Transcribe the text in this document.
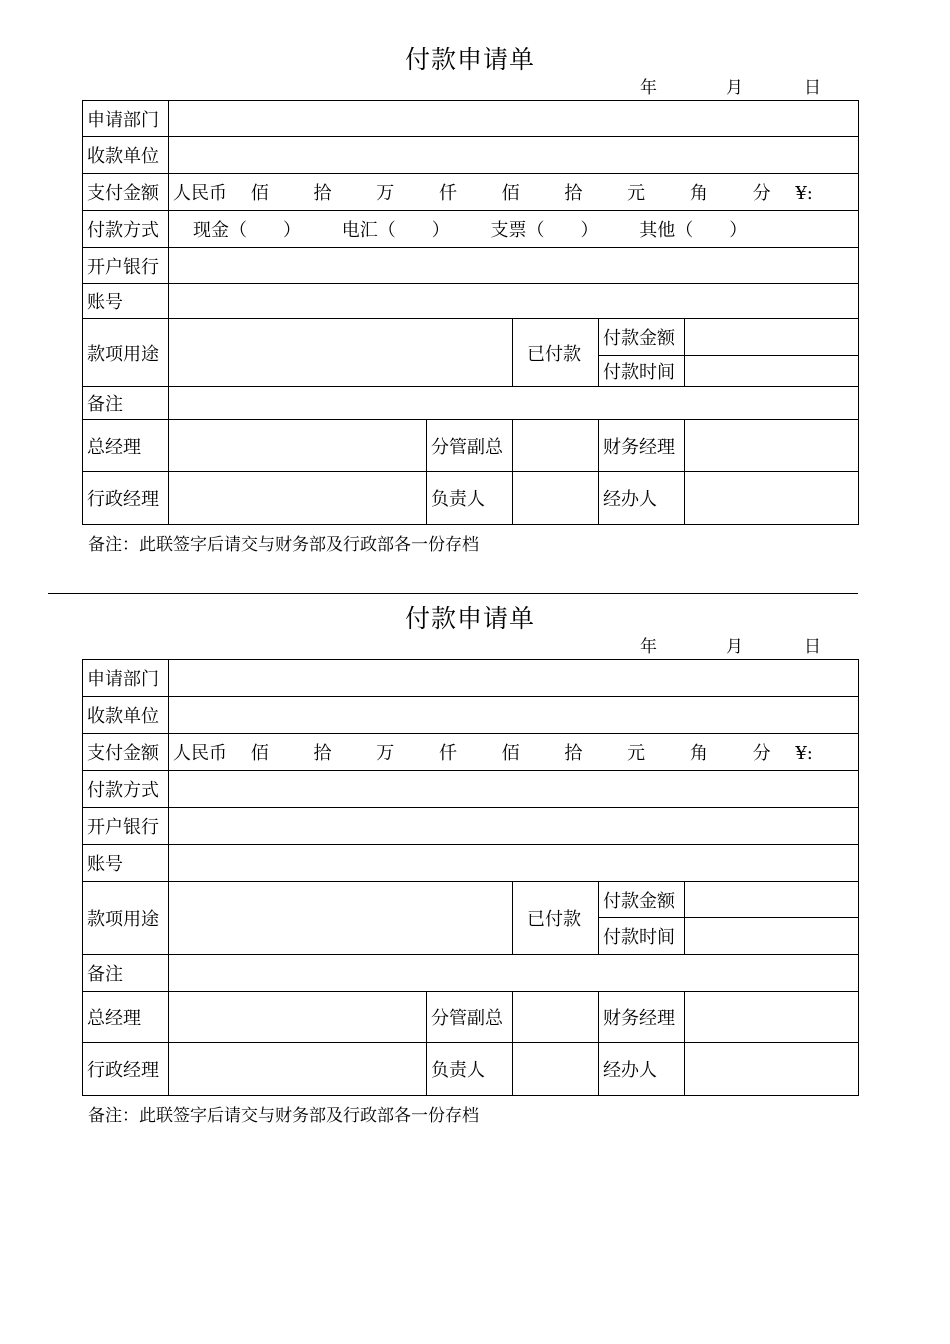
付款申请单
年	月	日
申请部门					
收款单位					
支付金额	人民币 佰 拾 万 仟 佰 拾 元 角 分 ¥:				
付款方式	现金（　　） 电汇（　　） 支票（　　） 其他（　　）				
开户银行					
账号					
款项用途			已付款	付款金额	
				付款时间	
备注					
总经理		分管副总		财务经理	
行政经理		负责人		经办人	
备注：此联签字后请交与财务部及行政部各一份存档
付款申请单
年	月	日
申请部门					
收款单位					
支付金额	人民币 佰 拾 万 仟 佰 拾 元 角 分 ¥:				
付款方式					
开户银行					
账号					
款项用途			已付款	付款金额	
				付款时间	
备注					
总经理		分管副总		财务经理	
行政经理		负责人		经办人	
备注：此联签字后请交与财务部及行政部各一份存档
